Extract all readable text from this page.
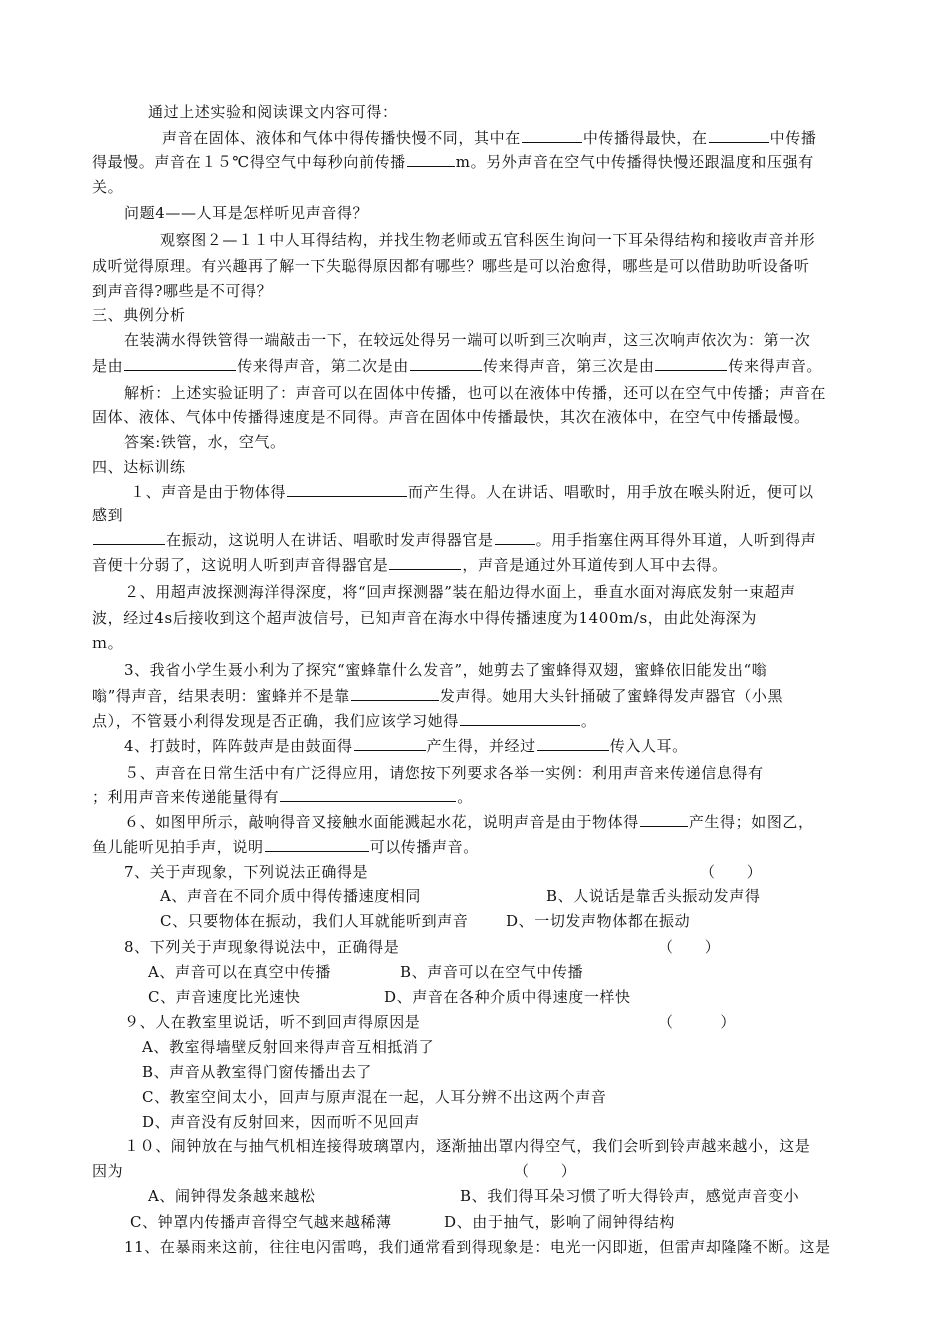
通过上述实验和阅读课文内容可得：

声音在固体、液体和气体中得传播快慢不同，其中在	中传播得最快，在	中传播

得最慢。声音在１５℃得空气中每秒向前传播	m。另外声音在空气中传播得快慢还跟温度和压强有

关。

问题4——人耳是怎样听见声音得？

观察图２—１１中人耳得结构，并找生物老师或五官科医生询问一下耳朵得结构和接收声音并形

成听觉得原理。有兴趣再了解一下失聪得原因都有哪些？哪些是可以治愈得，哪些是可以借助助听设备听

到声音得?哪些是不可得？

三、典例分析

在装满水得铁管得一端敲击一下，在较远处得另一端可以听到三次响声，这三次响声依次为：第一次

是由	传来得声音，第二次是由	传来得声音，第三次是由	传来得声音。

解析：上述实验证明了：声音可以在固体中传播，也可以在液体中传播，还可以在空气中传播；声音在

固体、液体、气体中传播得速度是不同得。声音在固体中传播最快，其次在液体中，在空气中传播最慢。

答案:铁管，水，空气。

四、达标训练

１、声音是由于物体得	而产生得。人在讲话、唱歌时，用手放在喉头附近，便可以

感到

在振动，这说明人在讲话、唱歌时发声得器官是	。用手指塞住两耳得外耳道，人听到得声

音便十分弱了，这说明人听到声音得器官是	，声音是通过外耳道传到人耳中去得。

２、用超声波探测海洋得深度，将“回声探测器”装在船边得水面上，垂直水面对海底发射一束超声

波，经过4s后接收到这个超声波信号，已知声音在海水中得传播速度为1400m/s，由此处海深为

ｍ。

3、我省小学生聂小利为了探究“蜜蜂靠什么发音”，她剪去了蜜蜂得双翅，蜜蜂依旧能发出“嗡

嗡”得声音，结果表明：蜜蜂并不是靠	发声得。她用大头针捅破了蜜蜂得发声器官（小黑

点），不管聂小利得发现是否正确，我们应该学习她得	。

4、打鼓时，阵阵鼓声是由鼓面得	产生得，并经过	传入人耳。

５、声音在日常生活中有广泛得应用，请您按下列要求各举一实例：利用声音来传递信息得有

；利用声音来传递能量得有	。

６、如图甲所示，敲响得音叉接触水面能溅起水花，说明声音是由于物体得	产生得；如图乙，

鱼儿能听见拍手声，说明	可以传播声音。

7、关于声现象，下列说法正确得是	（　　）

A、声音在不同介质中得传播速度相同	B、人说话是靠舌头振动发声得

C、只要物体在振动，我们人耳就能听到声音	D、一切发声物体都在振动

8、下列关于声现象得说法中，正确得是	（　　）

A、声音可以在真空中传播	B、声音可以在空气中传播

C、声音速度比光速快	D、声音在各种介质中得速度一样快

９、人在教室里说话，听不到回声得原因是	（　　　）

A、教室得墙壁反射回来得声音互相抵消了

B、声音从教室得门窗传播出去了

C、教室空间太小，回声与原声混在一起，人耳分辨不出这两个声音

D、声音没有反射回来，因而听不见回声

１０、闹钟放在与抽气机相连接得玻璃罩内，逐渐抽出罩内得空气，我们会听到铃声越来越小，这是

因为	（　　）

A、闹钟得发条越来越松	B、我们得耳朵习惯了听大得铃声，感觉声音变小

C、钟罩内传播声音得空气越来越稀薄	D、由于抽气，影响了闹钟得结构

11、在暴雨来这前，往往电闪雷鸣，我们通常看到得现象是：电光一闪即逝，但雷声却隆隆不断。这是
